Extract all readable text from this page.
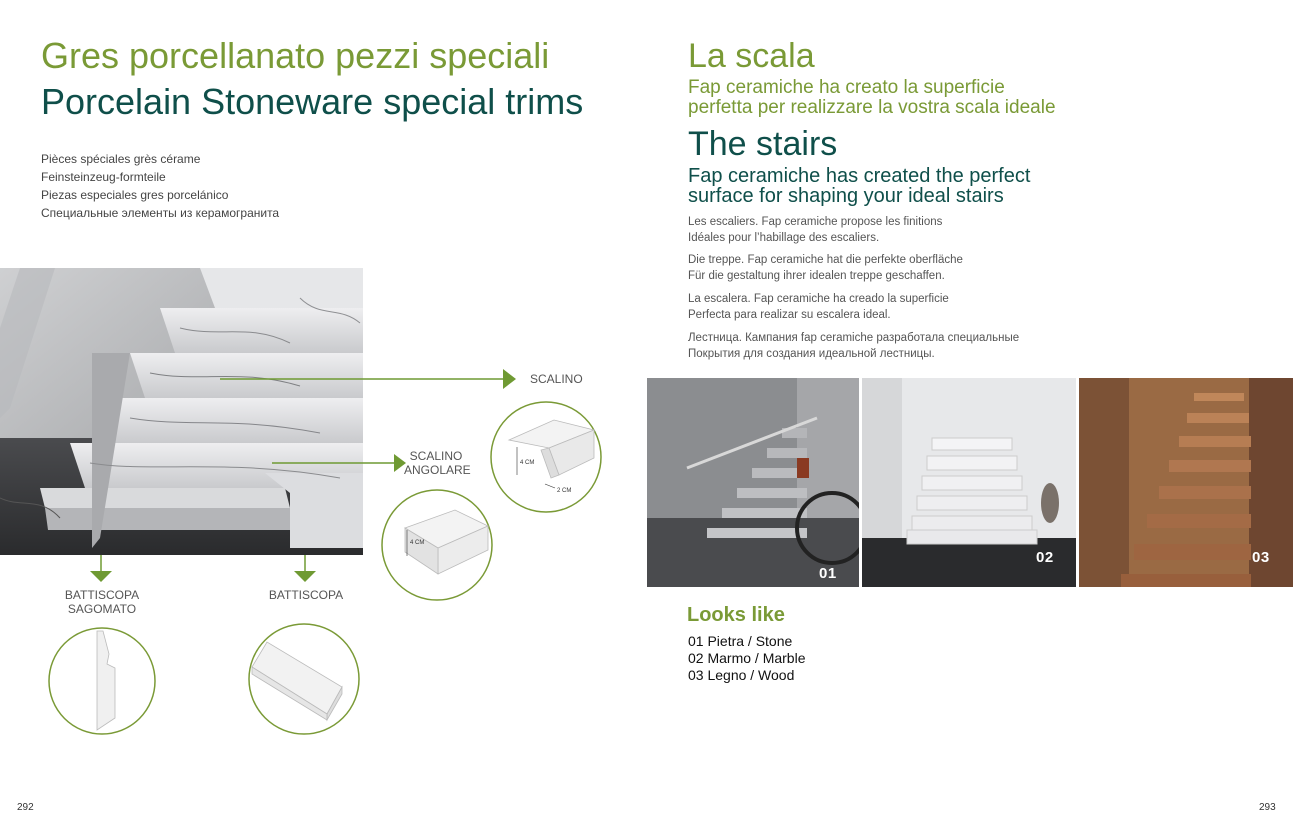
Gres porcellanato pezzi speciali
Porcelain Stoneware special trims
Pièces spéciales grès cérame
Feinsteinzeug-formteile
Piezas especiales gres porcelánico
Специальные элементы из керамогранита
SCALINO
SCALINO
ANGOLARE
BATTISCOPA
SAGOMATO
BATTISCOPA
4 CM
2 CM
4 CM
292
La scala
Fap ceramiche ha creato la superficie
perfetta per realizzare la vostra scala ideale
The stairs
Fap ceramiche has created the perfect
surface for shaping your ideal stairs
Les escaliers. Fap ceramiche propose les finitions
Idéales pour l’habillage des escaliers.
Die treppe. Fap ceramiche hat die perfekte oberfläche
Für die gestaltung ihrer idealen treppe geschaffen.
La escalera. Fap ceramiche ha creado la superficie
Perfecta para realizar su escalera ideal.
Лестница. Кампания fap ceramiche разработала специальные
Покрытия для создания идеальной лестницы.
01
02	03
Looks like
01 Pietra / Stone
02 Marmo / Marble
03 Legno / Wood
293
